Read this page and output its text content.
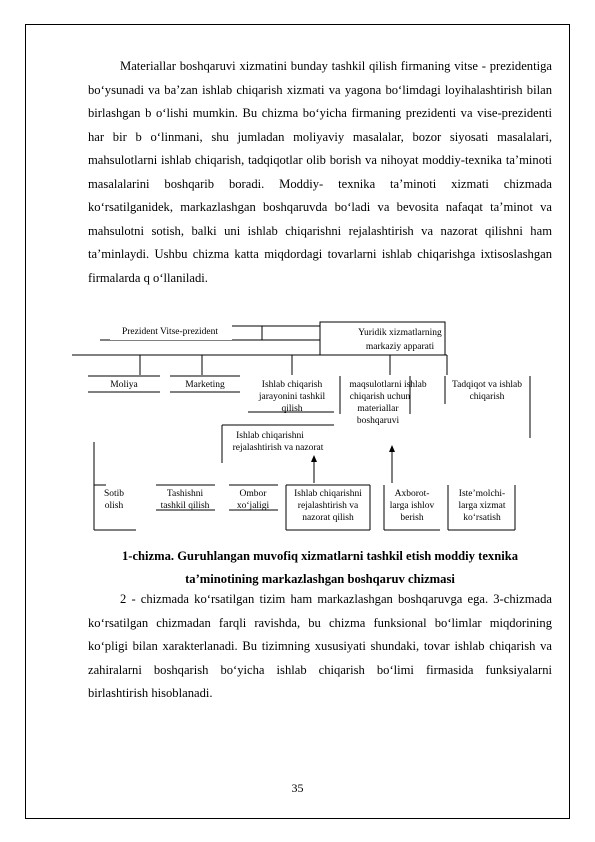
Materiallar boshqaruvi xizmatini bunday tashkil qilish firmaning vitse - prezidentiga bo‘ysunadi va ba’zan ishlab chiqarish xizmati va yagona bo‘limdagi loyihalashtirish bilan birlashgan b o‘lishi mumkin. Bu chizma bo‘yicha firmaning prezidenti va vise-prezidenti har bir b o‘linmani, shu jumladan moliyaviy masalalar, bozor siyosati masalalari, mahsulotlarni ishlab chiqarish, tadqiqotlar olib borish va nihoyat moddiy-texnika ta’minoti masalalarini boshqarib boradi. Moddiy- texnika ta’minoti xizmati chizmada ko‘rsatilganidek, markazlashgan boshqaruvda bo‘ladi va bevosita nafaqat ta’minot va mahsulotni sotish, balki uni ishlab chiqarishni rejalashtirish va nazorat qilishni ham ta’minlaydi. Ushbu chizma katta miqdordagi tovarlarni ishlab chiqarishga ixtisoslashgan firmalarda q o‘llaniladi.

Prezident Vitse-prezident	Yuridik xizmatlarning
markaziy apparati
Moliya	Marketing	Ishlab chiqarish
jarayonini tashkil
qilish
maqsulotlarni ishlab
chiqarish uchun
materiallar
boshqaruvi
Tadqiqot va ishlab
chiqarish
Ishlab chiqarishni
rejalashtirish va nazorat
Sotib
olish
Tashishni
tashkil qilish
Ombor
xo‘jaligi
Ishlab chiqarishni
rejalashtirish va
nazorat qilish
Axborot-
larga ishlov
berish
Iste’molchi-
larga xizmat
ko‘rsatish

1-chizma. Guruhlangan muvofiq xizmatlarni tashkil etish moddiy texnika ta’minotining markazlashgan boshqaruv chizmasi

2 - chizmada ko‘rsatilgan tizim ham markazlashgan boshqaruvga ega. 3-chizmada ko‘rsatilgan chizmadan farqli ravishda, bu chizma funksional bo‘limlar miqdorining ko‘pligi bilan xarakterlanadi. Bu tizimning xususiyati shundaki, tovar ishlab chiqarish va zahiralarni boshqarish bo‘yicha ishlab chiqarish bo‘limi firmasida funksiyalarni birlashtirish hisoblanadi.

35
